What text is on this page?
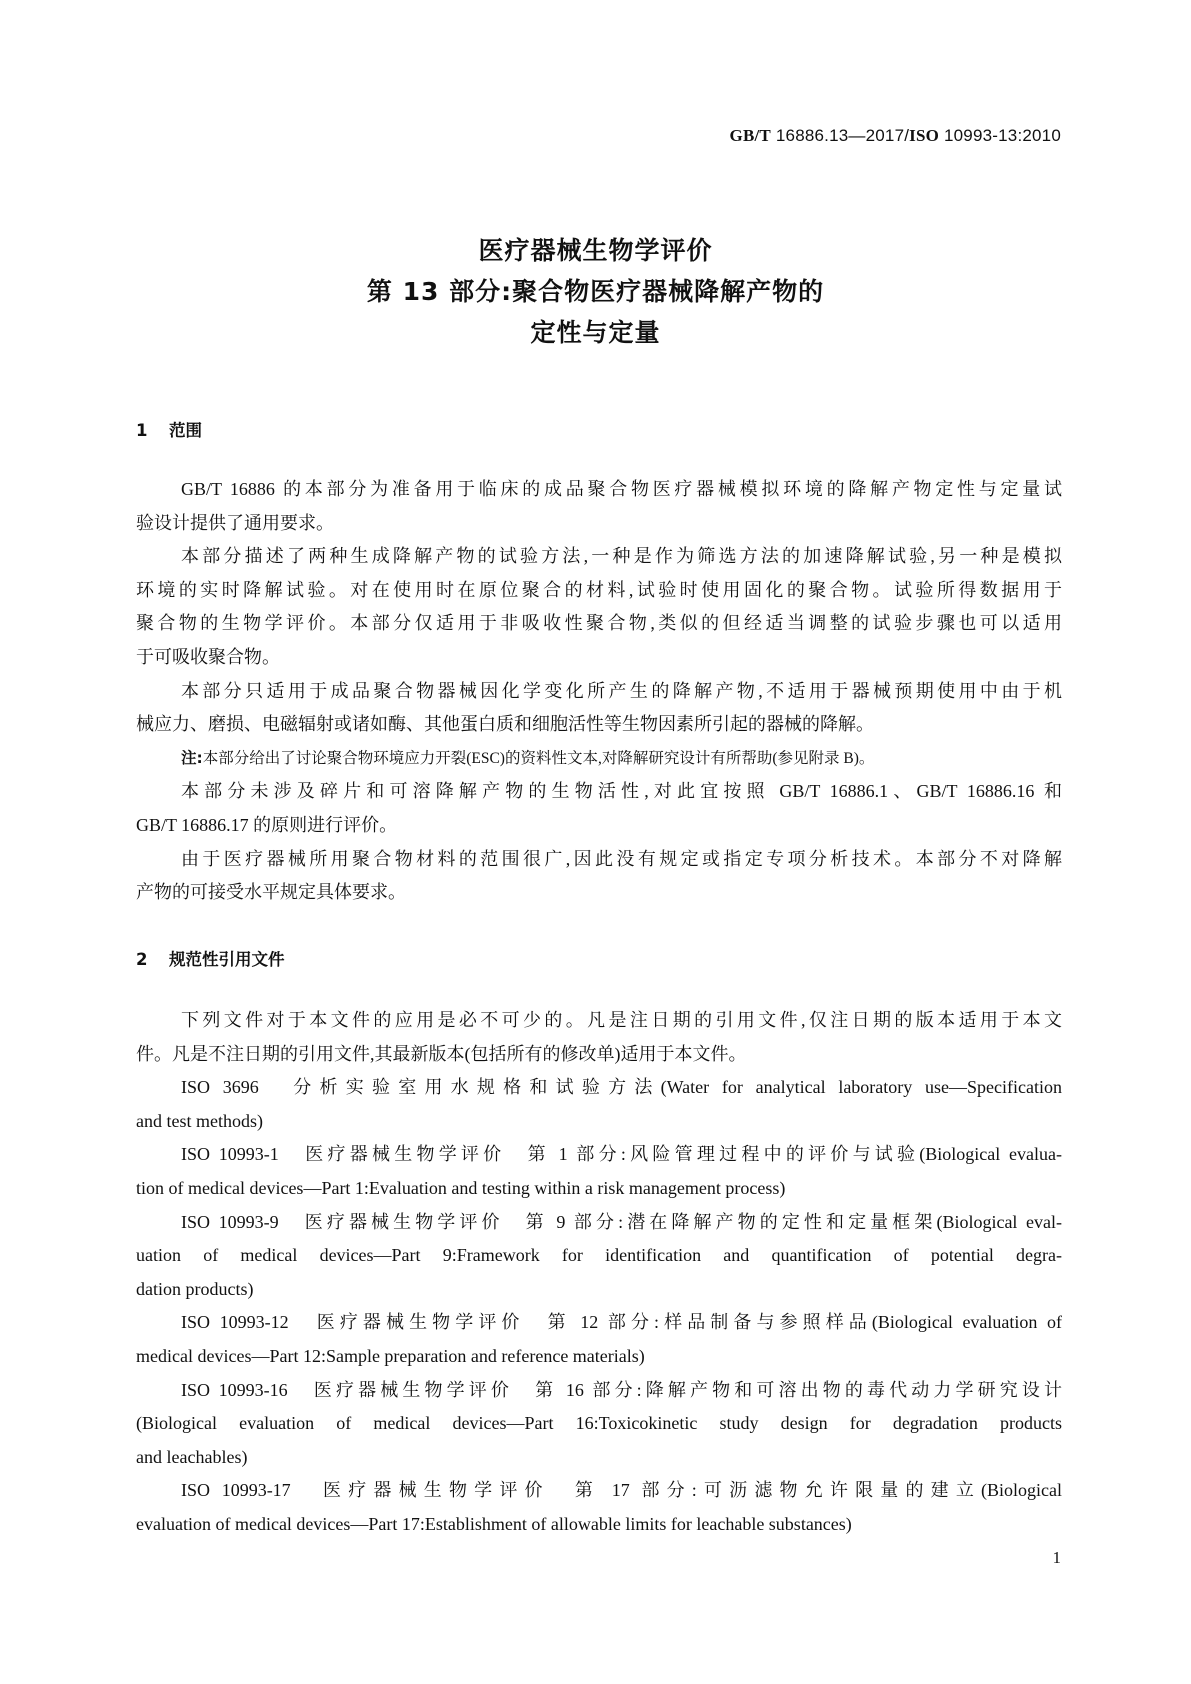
GB/T 16886.13—2017/ISO 10993-13:2010
医疗器械生物学评价
第 13 部分:聚合物医疗器械降解产物的
定性与定量
1 范围
GB/T 16886 的本部分为准备用于临床的成品聚合物医疗器械模拟环境的降解产物定性与定量试
验设计提供了通用要求。
本部分描述了两种生成降解产物的试验方法,一种是作为筛选方法的加速降解试验,另一种是模拟
环境的实时降解试验。对在使用时在原位聚合的材料,试验时使用固化的聚合物。试验所得数据用于
聚合物的生物学评价。本部分仅适用于非吸收性聚合物,类似的但经适当调整的试验步骤也可以适用
于可吸收聚合物。
本部分只适用于成品聚合物器械因化学变化所产生的降解产物,不适用于器械预期使用中由于机
械应力、磨损、电磁辐射或诸如酶、其他蛋白质和细胞活性等生物因素所引起的器械的降解。
注:本部分给出了讨论聚合物环境应力开裂(ESC)的资料性文本,对降解研究设计有所帮助(参见附录 B)。
本部分未涉及碎片和可溶降解产物的生物活性,对此宜按照 GB/T 16886.1、GB/T 16886.16 和
GB/T 16886.17 的原则进行评价。
由于医疗器械所用聚合物材料的范围很广,因此没有规定或指定专项分析技术。本部分不对降解
产物的可接受水平规定具体要求。
2 规范性引用文件
下列文件对于本文件的应用是必不可少的。凡是注日期的引用文件,仅注日期的版本适用于本文
件。凡是不注日期的引用文件,其最新版本(包括所有的修改单)适用于本文件。
ISO 3696　分析实验室用水规格和试验方法(Water for analytical laboratory use—Specification
and test methods)
ISO 10993-1　医疗器械生物学评价　第 1 部分:风险管理过程中的评价与试验(Biological evalua-
tion of medical devices—Part 1:Evaluation and testing within a risk management process)
ISO 10993-9　医疗器械生物学评价　第 9 部分:潜在降解产物的定性和定量框架(Biological eval-
uation of medical devices—Part 9:Framework for identification and quantification of potential degra-
dation products)
ISO 10993-12　医疗器械生物学评价　第 12 部分:样品制备与参照样品(Biological evaluation of
medical devices—Part 12:Sample preparation and reference materials)
ISO 10993-16　医疗器械生物学评价　第 16 部分:降解产物和可溶出物的毒代动力学研究设计
(Biological evaluation of medical devices—Part 16:Toxicokinetic study design for degradation products
and leachables)
ISO 10993-17　医疗器械生物学评价　第 17 部分:可沥滤物允许限量的建立(Biological
evaluation of medical devices—Part 17:Establishment of allowable limits for leachable substances)
1
